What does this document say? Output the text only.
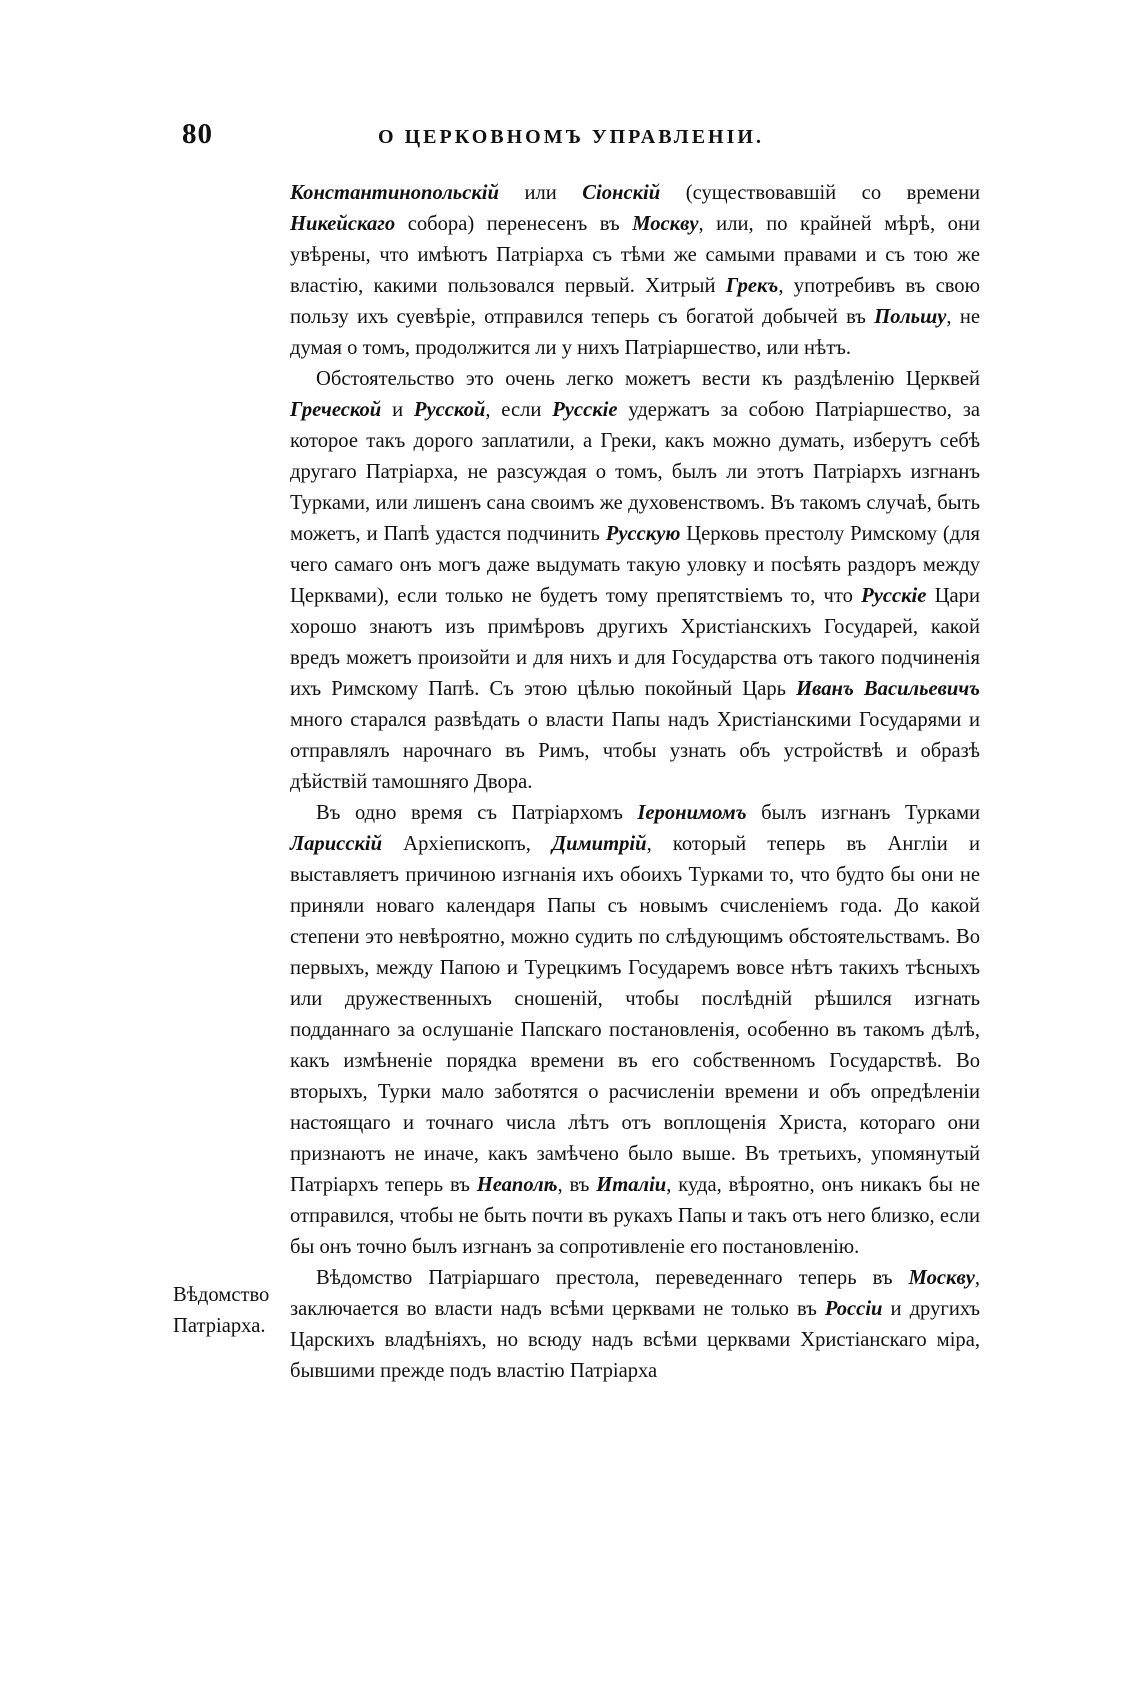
80	О ЦЕРКОВНОМЪ УПРАВЛЕНІИ.
Вѣдомство
Патріарха.

Константинопольскій или Сіонскій (существовавшій со времени Никейскаго собора) перенесенъ въ Москву, или, по крайней мѣрѣ, они увѣрены, что имѣютъ Патріарха съ тѣми же самыми правами и съ тою же властію, какими пользовался первый. Хитрый Грекъ, употребивъ въ свою пользу ихъ суевѣріе, отправился теперь съ богатой добычей въ Польшу, не думая о томъ, продолжится ли у нихъ Патріаршество, или нѣтъ.

Обстоятельство это очень легко можетъ вести къ раздѣленію Церквей Греческой и Русской, если Русскіе удержатъ за собою Патріаршество, за которое такъ дорого заплатили, а Греки, какъ можно думать, изберутъ себѣ другаго Патріарха, не разсуждая о томъ, былъ ли этотъ Патріархъ изгнанъ Турками, или лишенъ сана своимъ же духовенствомъ. Въ такомъ случаѣ, быть можетъ, и Папѣ удастся подчинить Русскую Церковь престолу Римскому (для чего самаго онъ могъ даже выдумать такую уловку и посѣять раздоръ между Церквами), если только не будетъ тому препятствіемъ то, что Русскіе Цари хорошо знаютъ изъ примѣровъ другихъ Христіанскихъ Государей, какой вредъ можетъ произойти и для нихъ и для Государства отъ такого подчиненія ихъ Римскому Папѣ. Съ этою цѣлью покойный Царь Иванъ Васильевичъ много старался развѣдать о власти Папы надъ Христіанскими Государями и отправлялъ нарочнаго въ Римъ, чтобы узнать объ устройствѣ и образѣ дѣйствій тамошняго Двора.

Въ одно время съ Патріархомъ Іеронимомъ былъ изгнанъ Турками Ларисскій Архіепископъ, Димитрій, который теперь въ Англіи и выставляетъ причиною изгнанія ихъ обоихъ Турками то, что будто бы они не приняли новаго календаря Папы съ новымъ счисленіемъ года. До какой степени это невѣроятно, можно судить по слѣдующимъ обстоятельствамъ. Во первыхъ, между Папою и Турецкимъ Государемъ вовсе нѣтъ такихъ тѣсныхъ или дружественныхъ сношеній, чтобы послѣдній рѣшился изгнать подданнаго за ослушаніе Папскаго постановленія, особенно въ такомъ дѣлѣ, какъ измѣненіе порядка времени въ его собственномъ Государствѣ. Во вторыхъ, Турки мало заботятся о расчисленіи времени и объ опредѣленіи настоящаго и точнаго числа лѣтъ отъ воплощенія Христа, котораго они признаютъ не иначе, какъ замѣчено было выше. Въ третьихъ, упомянутый Патріархъ теперь въ Неаполѣ, въ Италіи, куда, вѣроятно, онъ никакъ бы не отправился, чтобы не быть почти въ рукахъ Папы и такъ отъ него близко, если бы онъ точно былъ изгнанъ за сопротивленіе его постановленію.

Вѣдомство Патріаршаго престола, переведеннаго теперь въ Москву, заключается во власти надъ всѣми церквами не только въ Россіи и другихъ Царскихъ владѣніяхъ, но всюду надъ всѣми церквами Христіанскаго міра, бывшими прежде подъ властію Патріарха
